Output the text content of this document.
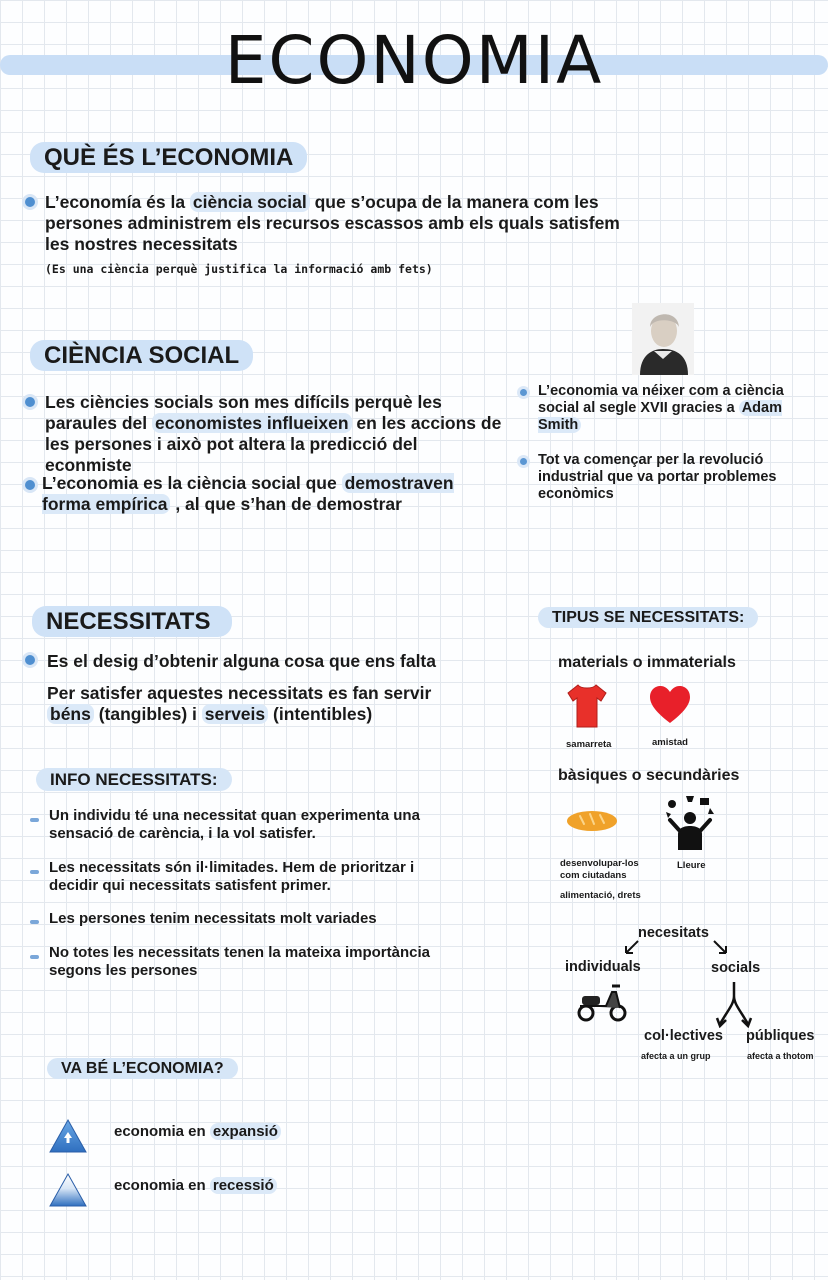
ECONOMIA
QUÈ ÉS L’ECONOMIA
L’economía és la ciència social que s’ocupa de la manera com les persones administrem els recursos escassos amb els quals satisfem les nostres necessitats
(Es una ciència perquè justifica la informació amb fets)
CIÈNCIA SOCIAL
Les ciències socials son mes difícils perquè les paraules del economistes influeixen en les accions de les persones i això pot altera la predicció del econmiste
L’economia es la ciència social que demostraven forma empírica , al que s’han de demostrar
L’economia va néixer com a ciència social al segle XVII gracies a Adam Smith
Tot va començar per la revolució industrial que va portar problemes econòmics
NECESSITATS
Es el desig d’obtenir alguna cosa que ens falta
Per satisfer aquestes necessitats es fan servir béns (tangibles) i serveis (intentibles)
INFO NECESSITATS:
Un individu té una necessitat quan experimenta una sensació de carència, i la vol satisfer.
Les necessitats són il·limitades. Hem de prioritzar i decidir qui necessitats satisfent primer.
Les persones tenim necessitats molt variades
No totes les necessitats tenen la mateixa importància segons les persones
TIPUS SE NECESSITATS:
materials o immaterials
samarreta	amistad
bàsiques o secundàries
desenvolupar-los
com ciutadans
alimentació, drets
Lleure
necesitats
individuals	socials
col·lectives públiques
afecta a un grup	afecta a thotom
VA BÉ L’ECONOMIA?
economia en expansió
economia en recessió
